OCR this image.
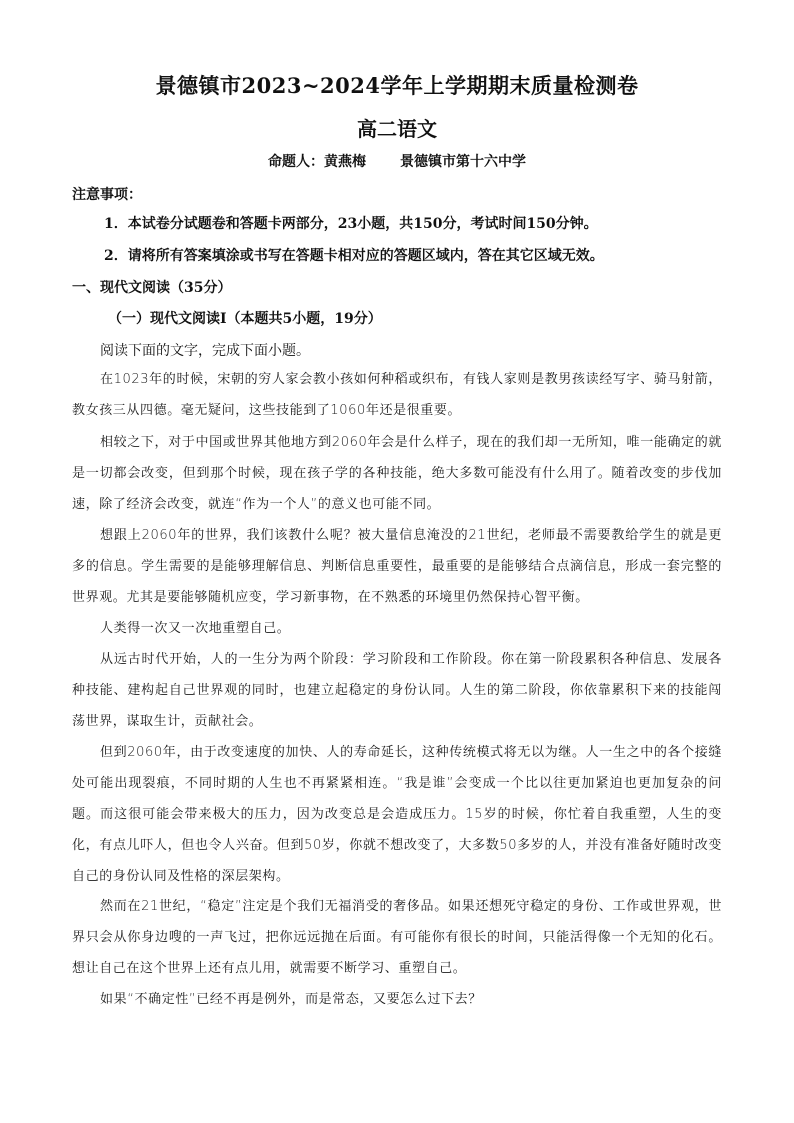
景德镇市2023~2024学年上学期期末质量检测卷
高二语文
命题人：黄燕梅 景德镇市第十六中学
注意事项：
1．本试卷分试题卷和答题卡两部分，23小题，共150分，考试时间150分钟。
2．请将所有答案填涂或书写在答题卡相对应的答题区域内，答在其它区域无效。
一、现代文阅读（35分）
（一）现代文阅读Ⅰ（本题共5小题，19分）
阅读下面的文字，完成下面小题。
在1023年的时候，宋朝的穷人家会教小孩如何种稻或织布，有钱人家则是教男孩读经写字、骑马射箭，教女孩三从四德。毫无疑问，这些技能到了1060年还是很重要。
相较之下，对于中国或世界其他地方到2060年会是什么样子，现在的我们却一无所知，唯一能确定的就是一切都会改变，但到那个时候，现在孩子学的各种技能，绝大多数可能没有什么用了。随着改变的步伐加速，除了经济会改变，就连“作为一个人”的意义也可能不同。
想跟上2060年的世界，我们该教什么呢？被大量信息淹没的21世纪，老师最不需要教给学生的就是更多的信息。学生需要的是能够理解信息、判断信息重要性，最重要的是能够结合点滴信息，形成一套完整的世界观。尤其是要能够随机应变，学习新事物，在不熟悉的环境里仍然保持心智平衡。
人类得一次又一次地重塑自己。
从远古时代开始，人的一生分为两个阶段：学习阶段和工作阶段。你在第一阶段累积各种信息、发展各种技能、建构起自己世界观的同时，也建立起稳定的身份认同。人生的第二阶段，你依靠累积下来的技能闯荡世界，谋取生计，贡献社会。
但到2060年，由于改变速度的加快、人的寿命延长，这种传统模式将无以为继。人一生之中的各个接缝处可能出现裂痕，不同时期的人生也不再紧紧相连。“我是谁”会变成一个比以往更加紧迫也更加复杂的问题。而这很可能会带来极大的压力，因为改变总是会造成压力。15岁的时候，你忙着自我重塑，人生的变化，有点儿吓人，但也令人兴奋。但到50岁，你就不想改变了，大多数50多岁的人，并没有准备好随时改变自己的身份认同及性格的深层架构。
然而在21世纪，“稳定”注定是个我们无福消受的奢侈品。如果还想死守稳定的身份、工作或世界观，世界只会从你身边嗖的一声飞过，把你远远抛在后面。有可能你有很长的时间，只能活得像一个无知的化石。想让自己在这个世界上还有点儿用，就需要不断学习、重塑自己。
如果“不确定性”已经不再是例外，而是常态，又要怎么过下去？
